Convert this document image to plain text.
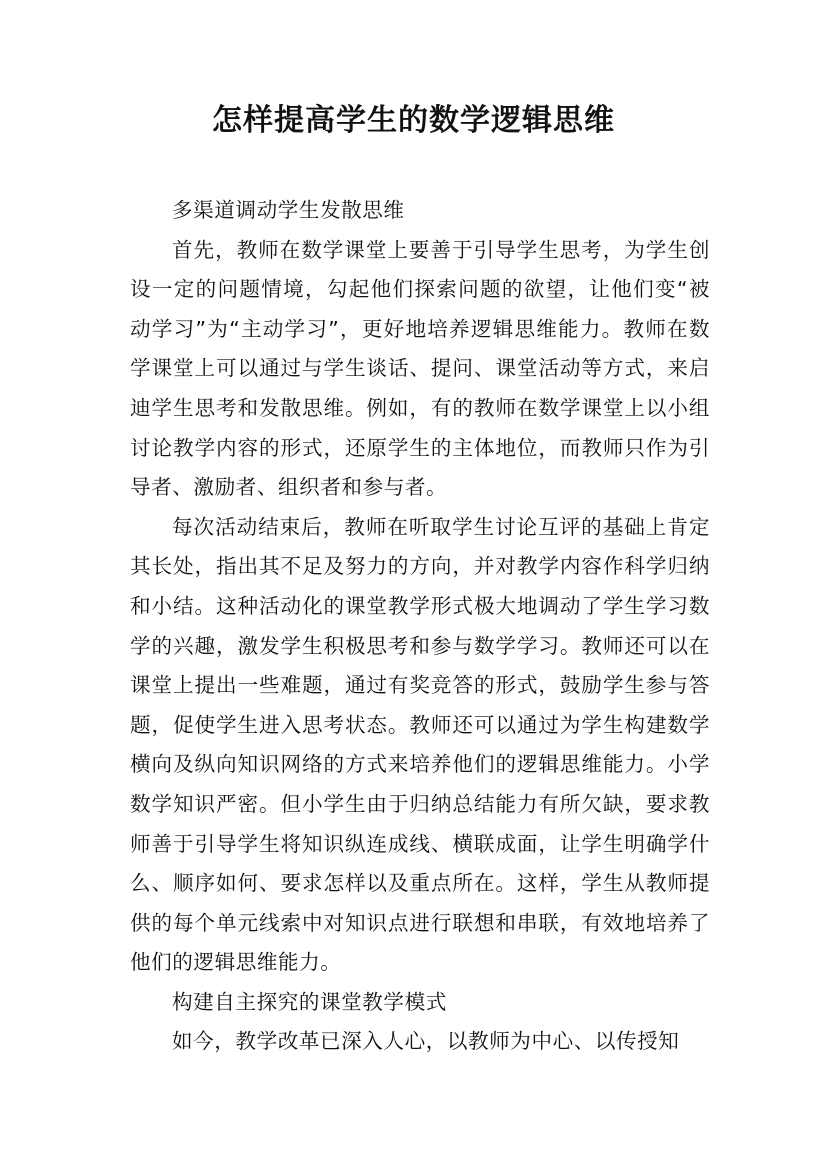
怎样提高学生的数学逻辑思维

多渠道调动学生发散思维

首先，教师在数学课堂上要善于引导学生思考，为学生创设一定的问题情境，勾起他们探索问题的欲望，让他们变“被动学习”为“主动学习”，更好地培养逻辑思维能力。教师在数学课堂上可以通过与学生谈话、提问、课堂活动等方式，来启迪学生思考和发散思维。例如，有的教师在数学课堂上以小组讨论教学内容的形式，还原学生的主体地位，而教师只作为引导者、激励者、组织者和参与者。

每次活动结束后，教师在听取学生讨论互评的基础上肯定其长处，指出其不足及努力的方向，并对教学内容作科学归纳和小结。这种活动化的课堂教学形式极大地调动了学生学习数学的兴趣，激发学生积极思考和参与数学学习。教师还可以在课堂上提出一些难题，通过有奖竞答的形式，鼓励学生参与答题，促使学生进入思考状态。教师还可以通过为学生构建数学横向及纵向知识网络的方式来培养他们的逻辑思维能力。小学数学知识严密。但小学生由于归纳总结能力有所欠缺，要求教师善于引导学生将知识纵连成线、横联成面，让学生明确学什么、顺序如何、要求怎样以及重点所在。这样，学生从教师提供的每个单元线索中对知识点进行联想和串联，有效地培养了他们的逻辑思维能力。

构建自主探究的课堂教学模式

如今，教学改革已深入人心，以教师为中心、以传授知
